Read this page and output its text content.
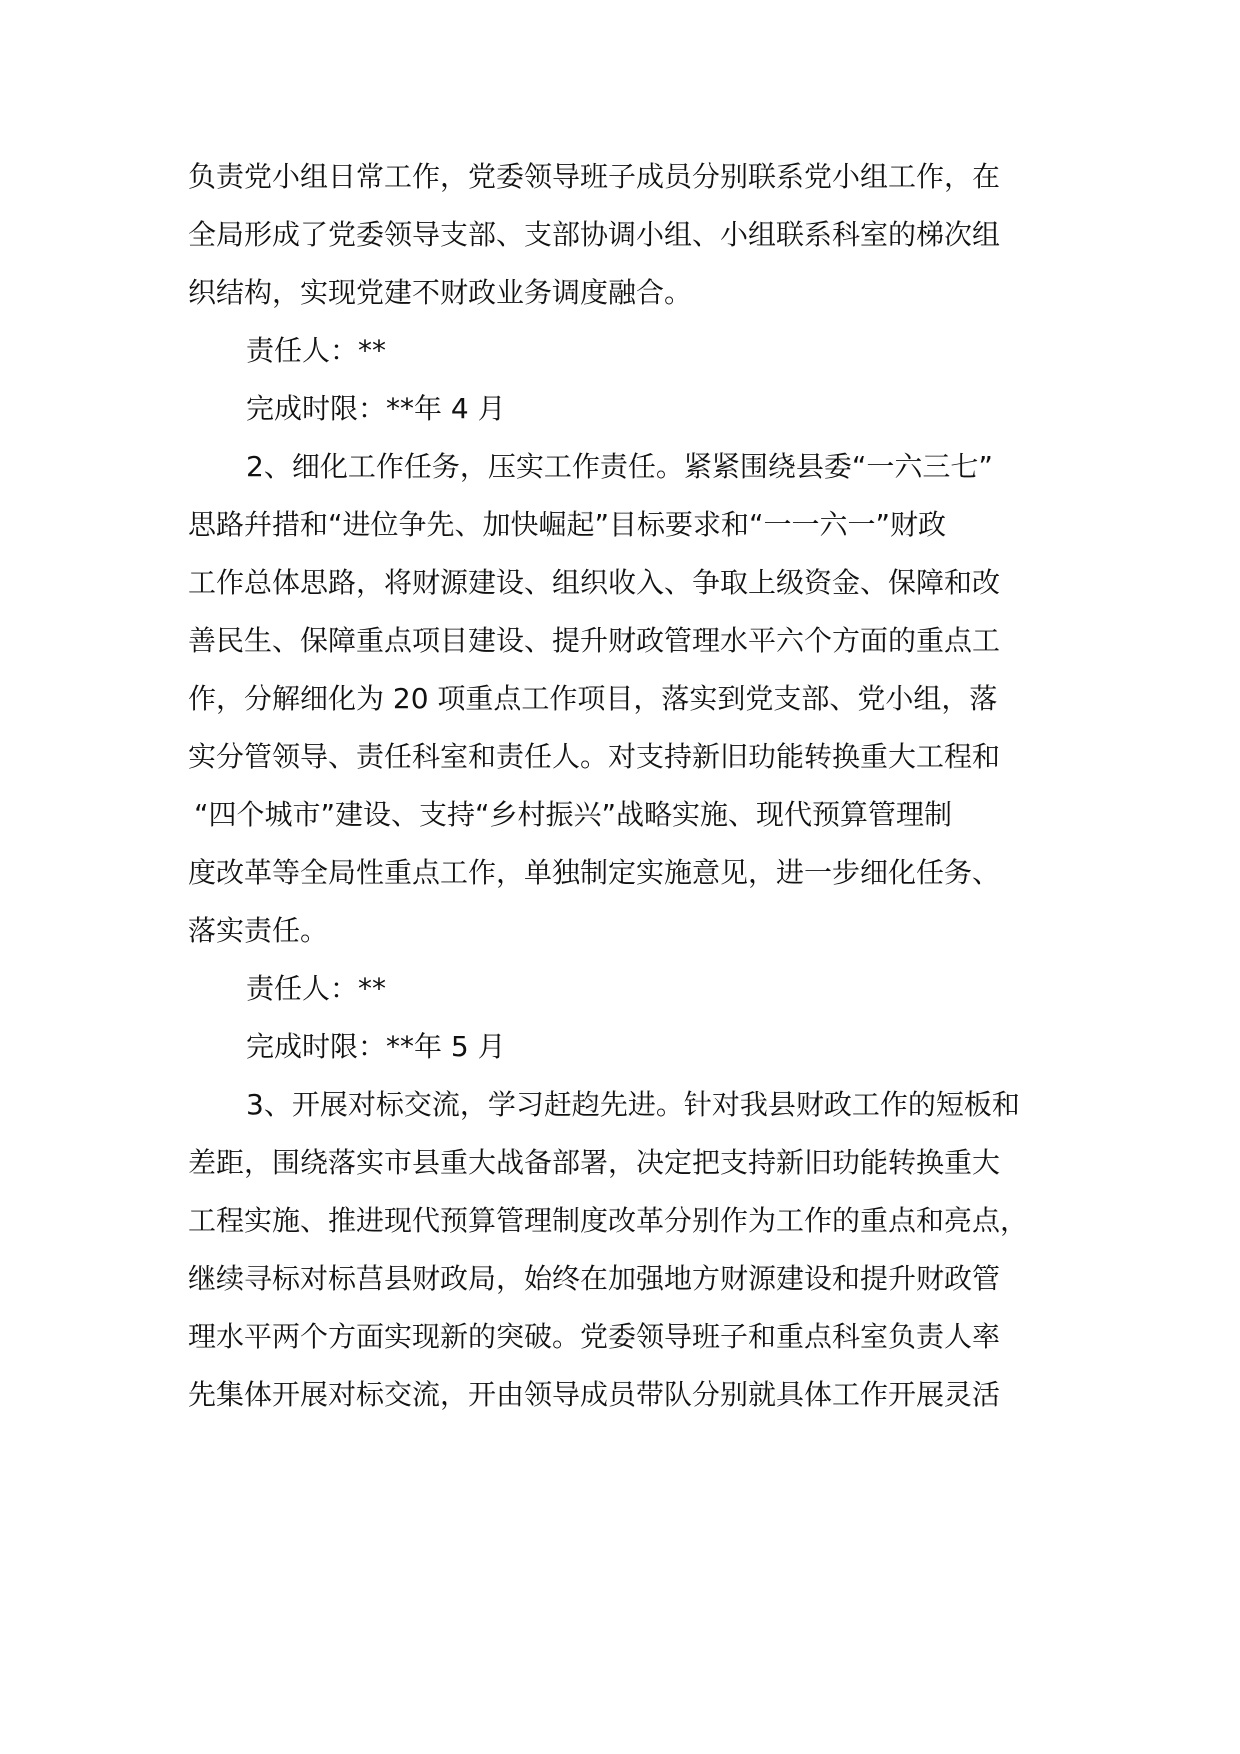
负责党小组日常工作，党委领导班子成员分别联系党小组工作，在
全局形成了党委领导支部、支部协调小组、小组联系科室的梯次组
织结构，实现党建不财政业务调度融合。
责任人：**
完成时限：**年 4 月
2、细化工作任务，压实工作责任。紧紧围绕县委“一六三七”
思路幷措和“进位争先、加快崛起”目标要求和“一一六一”财政
工作总体思路，将财源建设、组织收入、争取上级资金、保障和改
善民生、保障重点项目建设、提升财政管理水平六个方面的重点工
作，分解细化为 20 项重点工作项目，落实到党支部、党小组，落
实分管领导、责任科室和责任人。对支持新旧玏能转换重大工程和
“四个城市”建设、支持“乡村振兴”战略实施、现代预算管理制
度改革等全局性重点工作，单独制定实施意见，进一步细化任务、
落实责任。
责任人：**
完成时限：**年 5 月
3、开展对标交流，学习赶赹先进。针对我县财政工作的短板和
差距，围绕落实市县重大战备部署，决定把支持新旧玏能转换重大
工程实施、推进现代预算管理制度改革分别作为工作的重点和亮点，
继续寻标对标莒县财政局，始终在加强地方财源建设和提升财政管
理水平两个方面实现新的突破。党委领导班子和重点科室负责人率
先集体开展对标交流，开由领导成员带队分别就具体工作开展灵活
